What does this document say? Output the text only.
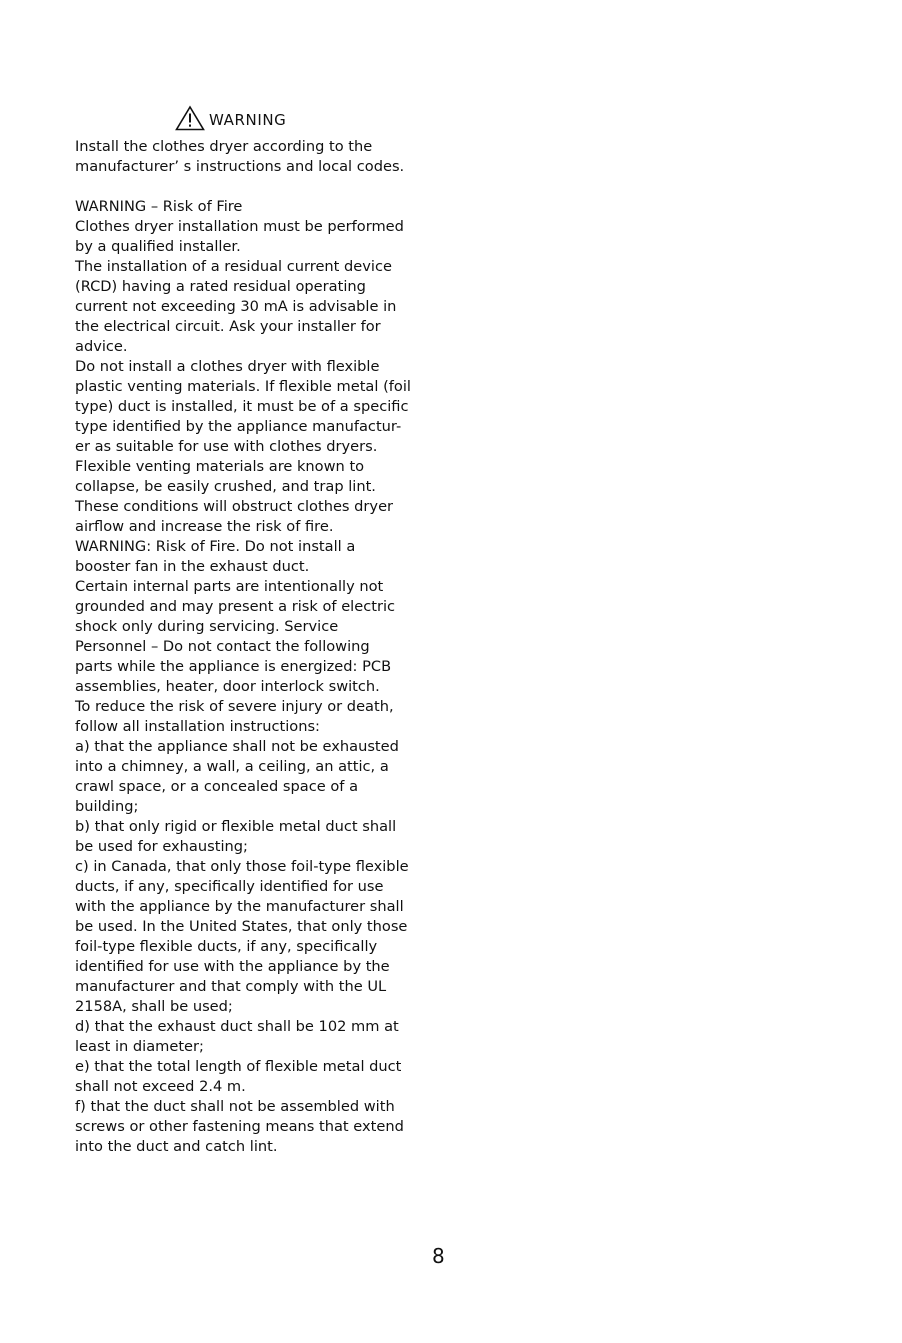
WARNING
Install the clothes dryer according to the
manufacturer’ s instructions and local codes.
WARNING – Risk of Fire
Clothes dryer installation must be performed
by a qualified installer.
The installation of a residual current device
(RCD) having a rated residual operating
current not exceeding 30 mA is advisable in
the electrical circuit. Ask your installer for
advice.
Do not install a clothes dryer with flexible
plastic venting materials. If flexible metal (foil
type) duct is installed, it must be of a specific
type identified by the appliance manufactur-
er as suitable for use with clothes dryers.
Flexible venting materials are known to
collapse, be easily crushed, and trap lint.
These conditions will obstruct clothes dryer
airflow and increase the risk of fire.
WARNING: Risk of Fire. Do not install a
booster fan in the exhaust duct.
Certain internal parts are intentionally not
grounded and may present a risk of electric
shock only during servicing. Service
Personnel – Do not contact the following
parts while the appliance is energized: PCB
assemblies, heater, door interlock switch.
To reduce the risk of severe injury or death,
follow all installation instructions:
a) that the appliance shall not be exhausted
into a chimney, a wall, a ceiling, an attic, a
crawl space, or a concealed space of a
building;
b) that only rigid or flexible metal duct shall
be used for exhausting;
c) in Canada, that only those foil-type flexible
ducts, if any, specifically identified for use
with the appliance by the manufacturer shall
be used. In the United States, that only those
foil-type flexible ducts, if any, specifically
identified for use with the appliance by the
manufacturer and that comply with the UL
2158A, shall be used;
d) that the exhaust duct shall be 102 mm at
least in diameter;
e) that the total length of flexible metal duct
shall not exceed 2.4 m.
f) that the duct shall not be assembled with
screws or other fastening means that extend
into the duct and catch lint.
8
